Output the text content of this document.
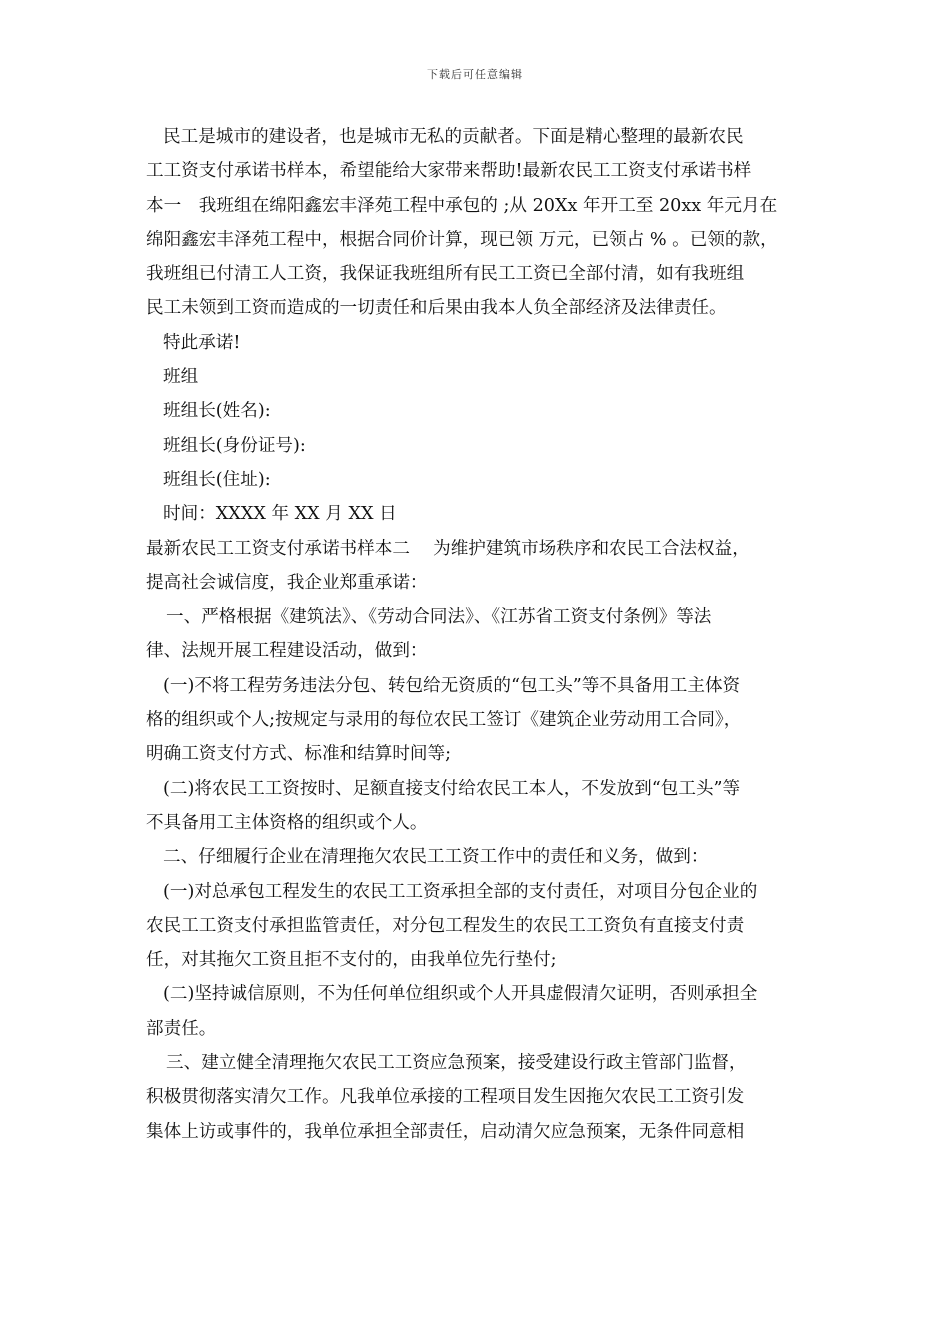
下载后可任意编辑
民工是城市的建设者，也是城市无私的贡献者。下面是精心整理的最新农民
工工资支付承诺书样本，希望能给大家带来帮助!最新农民工工资支付承诺书样
本一　我班组在绵阳鑫宏丰泽苑工程中承包的 ;从 20Xx 年开工至 20xx 年元月在
绵阳鑫宏丰泽苑工程中，根据合同价计算，现已领 万元，已领占 % 。已领的款，
我班组已付清工人工资，我保证我班组所有民工工资已全部付清，如有我班组
民工未领到工资而造成的一切责任和后果由我本人负全部经济及法律责任。
特此承诺!
班组
班组长(姓名):
班组长(身份证号):
班组长(住址):
时间：XXXX 年 XX 月 XX 日
最新农民工工资支付承诺书样本二　 为维护建筑市场秩序和农民工合法权益，
提高社会诚信度，我企业郑重承诺：
一、严格根据《建筑法》、《劳动合同法》、《江苏省工资支付条例》等法
律、法规开展工程建设活动，做到：
(一)不将工程劳务违法分包、转包给无资质的“包工头”等不具备用工主体资
格的组织或个人;按规定与录用的每位农民工签订《建筑企业劳动用工合同》，
明确工资支付方式、标准和结算时间等;
(二)将农民工工资按时、足额直接支付给农民工本人，不发放到“包工头”等
不具备用工主体资格的组织或个人。
二、仔细履行企业在清理拖欠农民工工资工作中的责任和义务，做到：
(一)对总承包工程发生的农民工工资承担全部的支付责任，对项目分包企业的
农民工工资支付承担监管责任，对分包工程发生的农民工工资负有直接支付责
任，对其拖欠工资且拒不支付的，由我单位先行垫付;
(二)坚持诚信原则，不为任何单位组织或个人开具虚假清欠证明，否则承担全
部责任。
三、建立健全清理拖欠农民工工资应急预案，接受建设行政主管部门监督，
积极贯彻落实清欠工作。凡我单位承接的工程项目发生因拖欠农民工工资引发
集体上访或事件的，我单位承担全部责任，启动清欠应急预案，无条件同意相
